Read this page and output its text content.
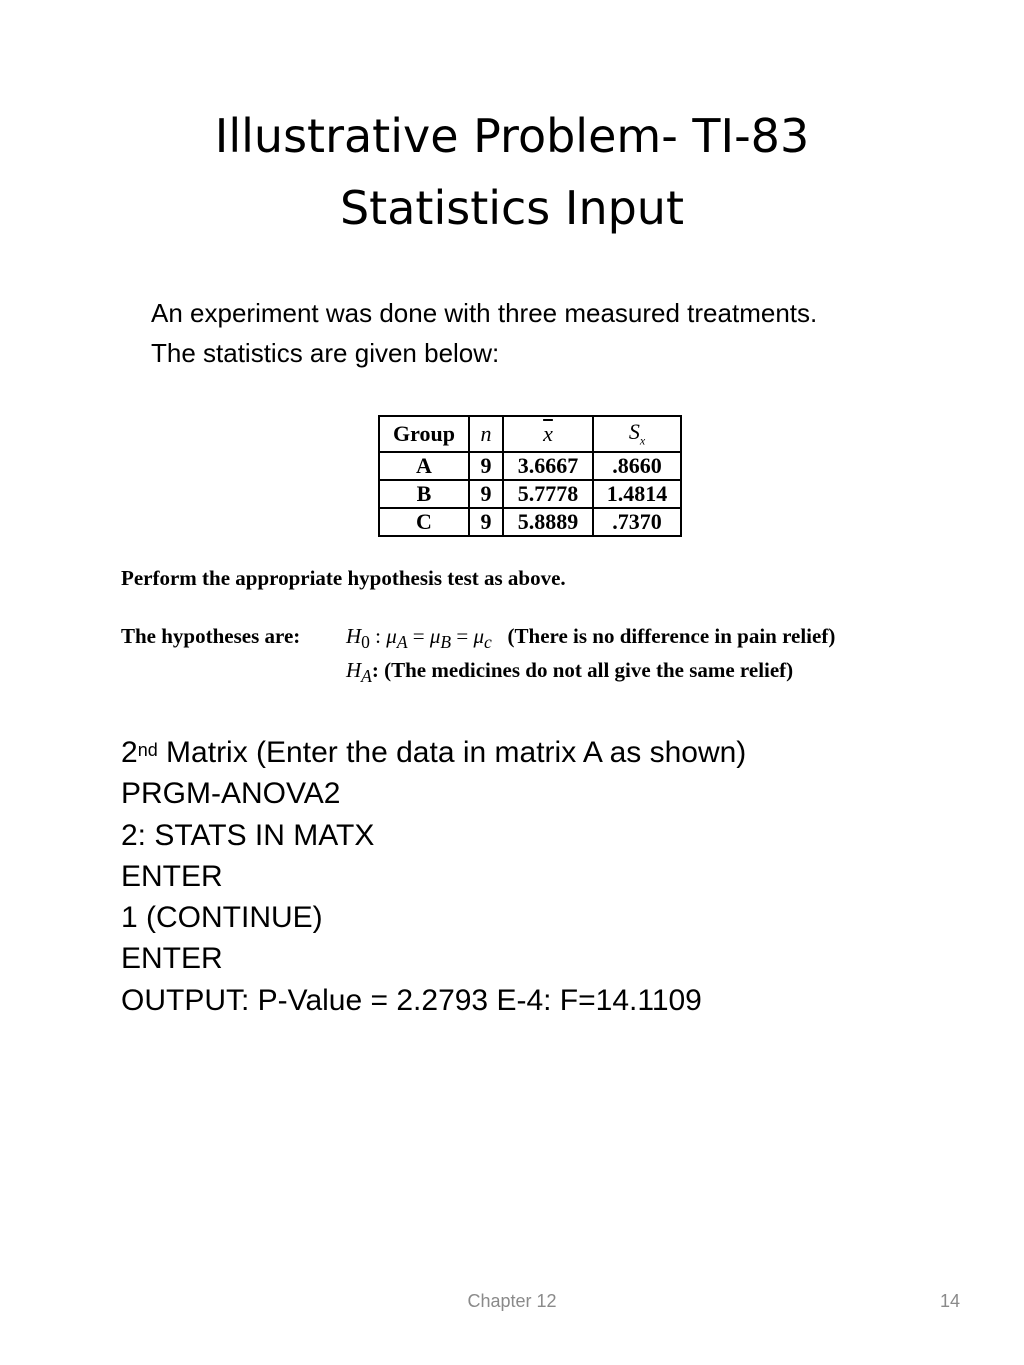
Illustrative Problem- TI-83
Statistics Input
An experiment was done with three measured treatments.
The statistics are given below:
Group	n	$\overline{x}$	$S_x$
A	9	3.6667	.8660
B	9	5.7778	1.4814
C	9	5.8889	.7370
Perform the appropriate hypothesis test as above.
The hypotheses are: $H_0$ : $\mu_A = \mu_B = \mu_c$ (There is no difference in pain relief)
$H_A$: (The medicines do not all give the same relief)
2nd Matrix (Enter the data in matrix A as shown)
PRGM-ANOVA2
2: STATS IN MATX
ENTER
1 (CONTINUE)
ENTER
OUTPUT: P-Value = 2.2793 E-4: F=14.1109
Chapter 12	14
